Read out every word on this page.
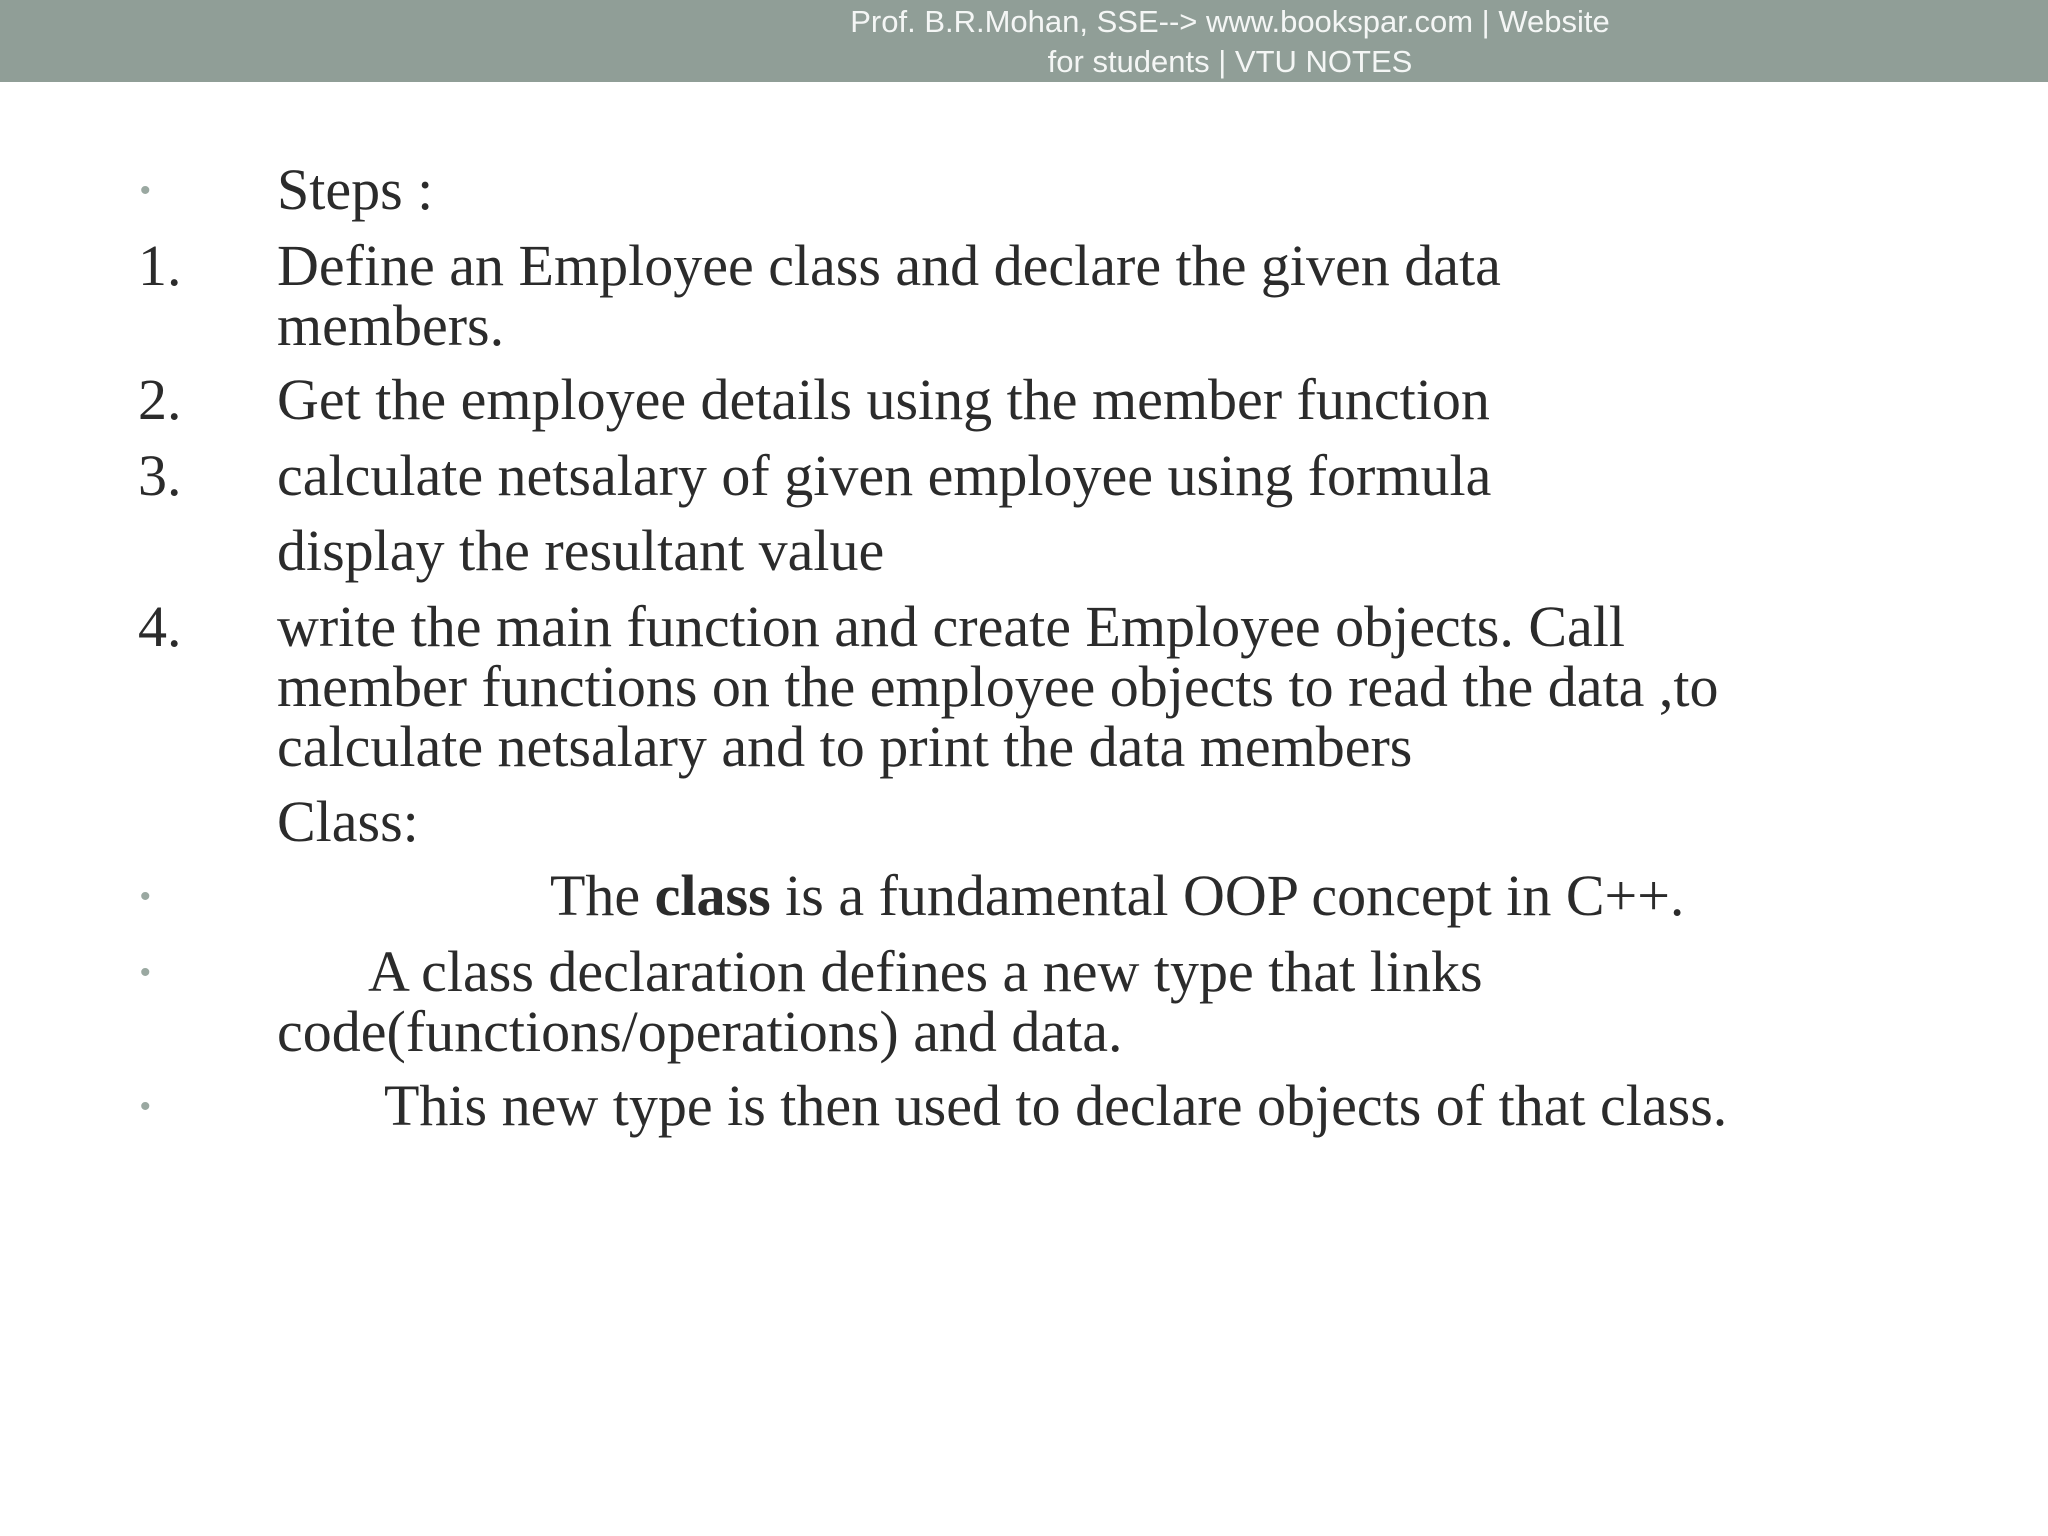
Prof. B.R.Mohan, SSE--> www.bookspar.com | Website
for students | VTU NOTES
• Steps :
1. Define an Employee class and declare the given data
members.
2. Get the employee details using the member function
3. calculate netsalary of given employee using formula
display the resultant value
4. write the main function and create Employee objects. Call
member functions on the employee objects to read the data ,to
calculate netsalary and to print the data members
Class:
•	The class is a fundamental OOP concept in C++.
•	A class declaration defines a new type that links
code(functions/operations) and data.
•	This new type is then used to declare objects of that class.
